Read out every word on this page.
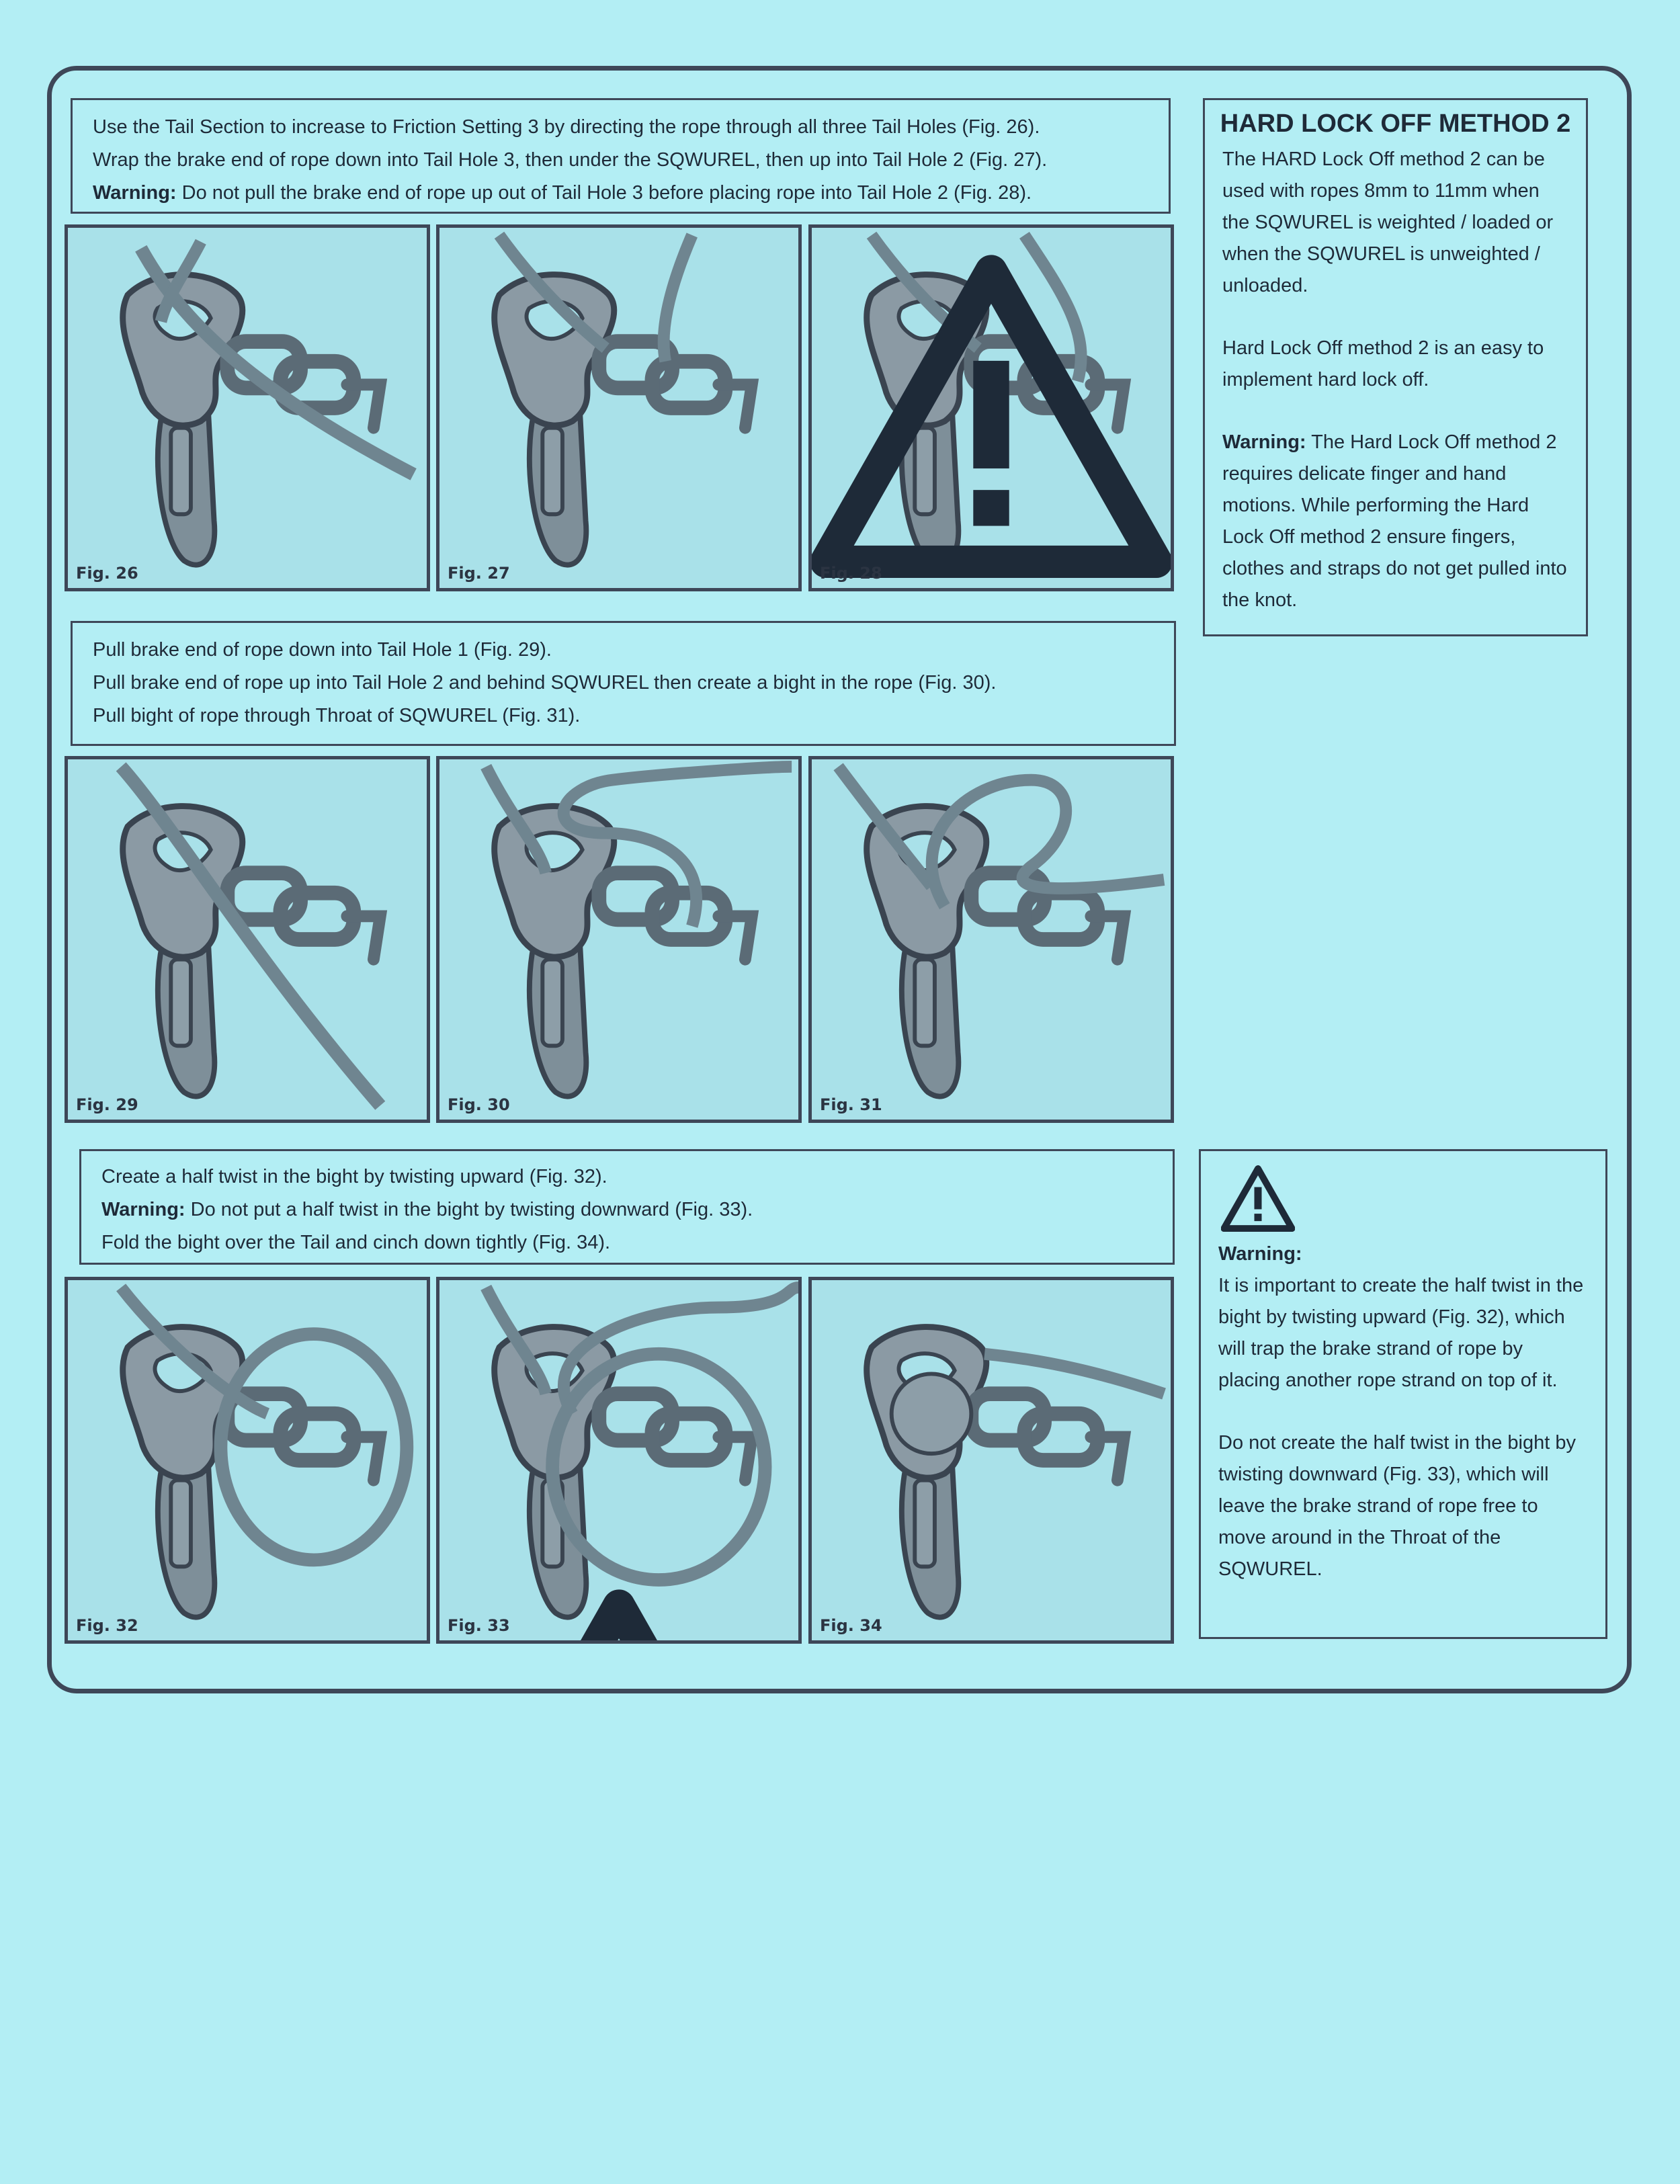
Use the Tail Section to increase to Friction Setting 3 by directing the rope through all three Tail Holes (Fig. 26).
Wrap the brake end of rope down into Tail Hole 3, then under the SQWUREL, then up into Tail Hole 2 (Fig. 27).
Warning: Do not pull the brake end of rope up out of Tail Hole 3 before placing rope into Tail Hole 2 (Fig. 28).
HARD LOCK OFF METHOD 2

The HARD Lock Off method 2 can be used with ropes 8mm to 11mm when the SQWUREL is weighted / loaded or when the SQWUREL is unweighted / unloaded.

Hard Lock Off method 2 is an easy to implement hard lock off.

Warning: The Hard Lock Off method 2 requires delicate finger and hand motions. While performing the Hard Lock Off method 2 ensure fingers, clothes and straps do not get pulled into the knot.

Fig. 26	Fig. 27	Fig. 28
Pull brake end of rope down into Tail Hole 1 (Fig. 29).
Pull brake end of rope up into Tail Hole 2 and behind SQWUREL then create a bight in the rope (Fig. 30).
Pull bight of rope through Throat of SQWUREL (Fig. 31).
Fig. 29	Fig. 30	Fig. 31
Create a half twist in the bight by twisting upward (Fig. 32).
Warning: Do not put a half twist in the bight by twisting downward (Fig. 33).
Fold the bight over the Tail and cinch down tightly (Fig. 34).
Warning:

It is important to create the half twist in the bight by twisting upward (Fig. 32), which will trap the brake strand of rope by placing another rope strand on top of it.

Do not create the half twist in the bight by twisting downward (Fig. 33), which will leave the brake strand of rope free to move around in the Throat of the SQWUREL.

Fig. 32	Fig. 33	Fig. 34
